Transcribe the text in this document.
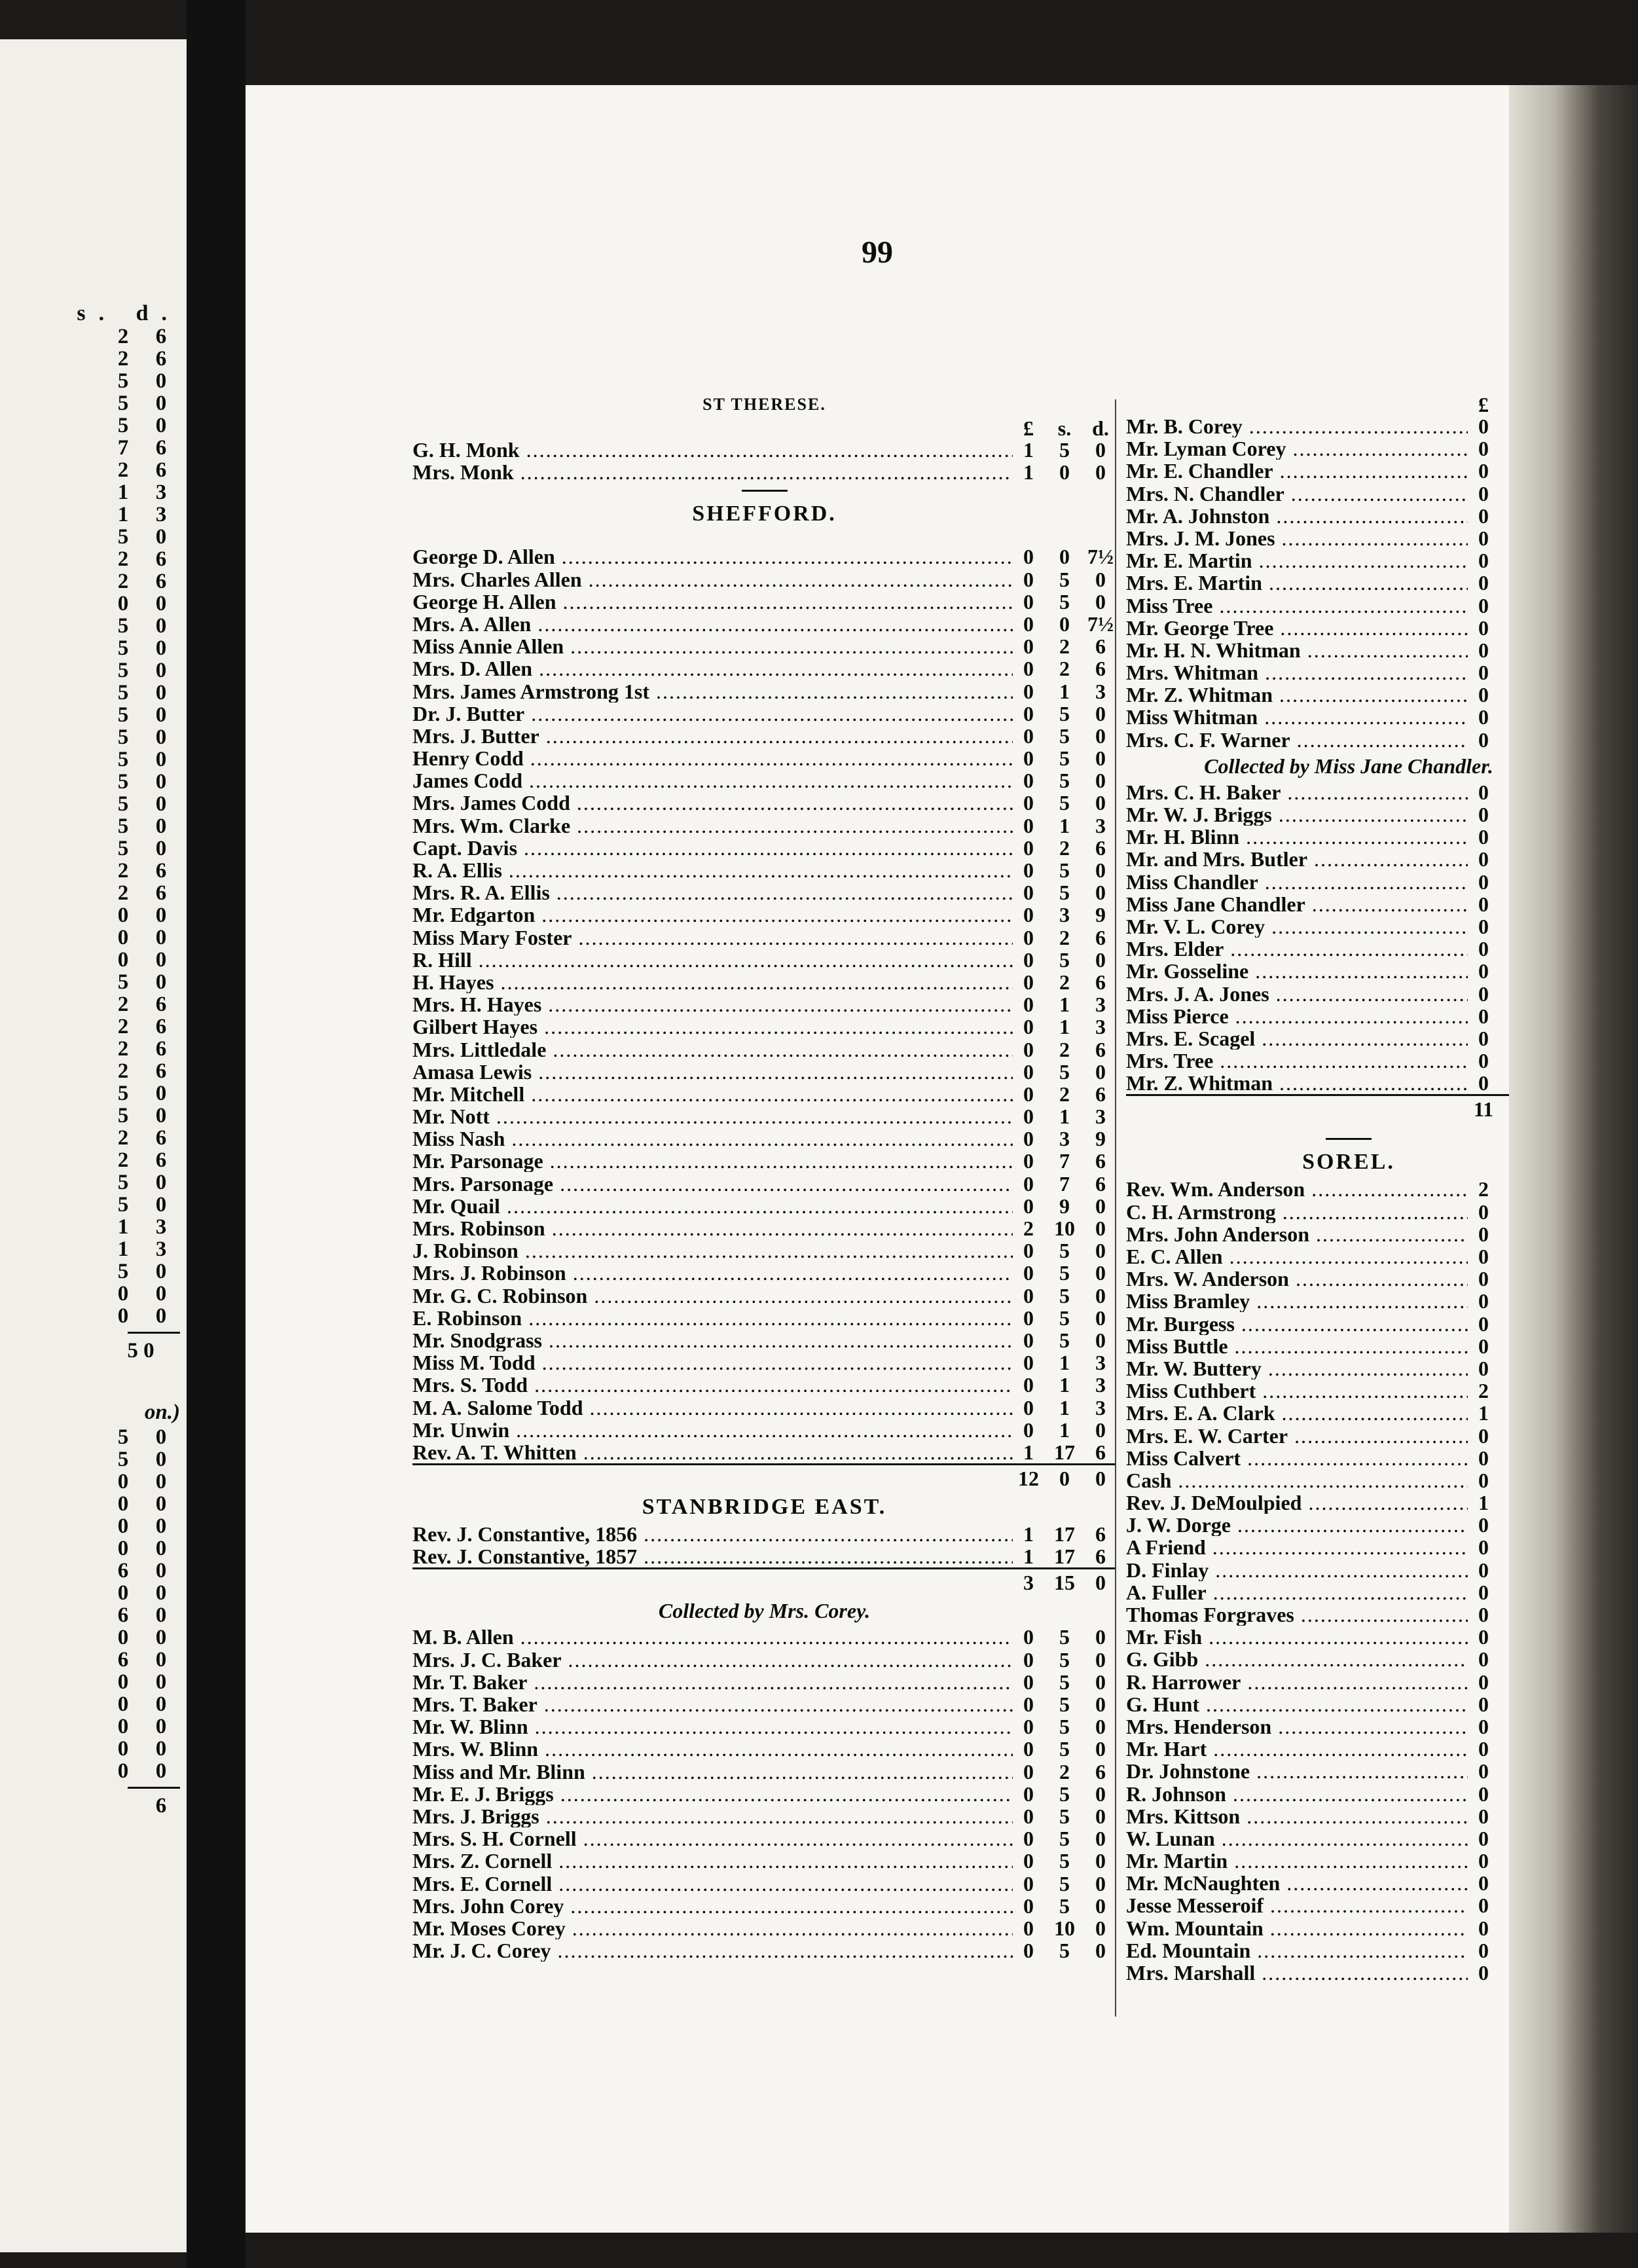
s. d.
2	6
2	6
5	0
5	0
5	0
7	6
2	6
1	3
1	3
5	0
2	6
2	6
0	0
5	0
5	0
5	0
5	0
5	0
5	0
5	0
5	0
5	0
5	0
5	0
2	6
2	6
0	0
0	0
0	0
5	0
2	6
2	6
2	6
2	6
5	0
5	0
2	6
2	6
5	0
5	0
1	3
1	3
5	0
0	0
0	0
5 0
on.)
5	0
5	0
0	0
0	0
0	0
0	0
6	0
0	0
6	0
0	0
6	0
0	0
0	0
0	0
0	0
0	0
6
99
ST THERESE.
£	s. d.
G. H. Monk .....	1	5	0
Mrs. Monk .....	1	0	0
SHEFFORD.
George D. Allen .....	0	0 7½
Mrs. Charles Allen .....	0	5	0
George H. Allen .....	0	5	0
Mrs. A. Allen .....	0	0 7½
Miss Annie Allen .....	0	2	6
Mrs. D. Allen .....	0	2	6
Mrs. James Armstrong 1st .....	0	1	3
Dr. J. Butter .....	0	5	0
Mrs. J. Butter .....	0	5	0
Henry Codd .....	0	5	0
James Codd .....	0	5	0
Mrs. James Codd .....	0	5	0
Mrs. Wm. Clarke .....	0	1	3
Capt. Davis .....	0	2	6
R. A. Ellis .....	0	5	0
Mrs. R. A. Ellis .....	0	5	0
Mr. Edgarton .....	0	3	9
Miss Mary Foster .....	0	2	6
R. Hill .....	0	5	0
H. Hayes .....	0	2	6
Mrs. H. Hayes .....	0	1	3
Gilbert Hayes .....	0	1	3
Mrs. Littledale .....	0	2	6
Amasa Lewis .....	0	5	0
Mr. Mitchell .....	0	2	6
Mr. Nott .....	0	1	3
Miss Nash .....	0	3	9
Mr. Parsonage .....	0	7	6
Mrs. Parsonage .....	0	7	6
Mr. Quail .....	0	9	0
Mrs. Robinson .....	2 10 0
J. Robinson .....	0	5	0
Mrs. J. Robinson .....	0	5	0
Mr. G. C. Robinson .....	0	5	0
E. Robinson .....	0	5	0
Mr. Snodgrass .....	0	5	0
Miss M. Todd .....	0	1	3
Mrs. S. Todd .....	0	1	3
M. A. Salome Todd .....	0	1	3
Mr. Unwin .....	0	1	0
Rev. A. T. Whitten .....	1 17 6
12 0	0
STANBRIDGE EAST.
Rev. J. Constantive, 1856 .....	1 17 6
Rev. J. Constantive, 1857 .....	1 17 6
3 15 0
Collected by Mrs. Corey.
M. B. Allen .....	0	5	0
Mrs. J. C. Baker .....	0	5	0
Mr. T. Baker .....	0	5	0
Mrs. T. Baker .....	0	5	0
Mr. W. Blinn .....	0	5	0
Mrs. W. Blinn .....	0	5	0
Miss and Mr. Blinn .....	0	2	6
Mr. E. J. Briggs .....	0	5	0
Mrs. J. Briggs .....	0	5	0
Mrs. S. H. Cornell .....	0	5	0
Mrs. Z. Cornell .....	0	5	0
Mrs. E. Cornell .....	0	5	0
Mrs. John Corey .....	0	5	0
Mr. Moses Corey .....	0 10 0
Mr. J. C. Corey .....	0	5	0
£
Mr. B. Corey .....	0
Mr. Lyman Corey .....	0
Mr. E. Chandler .....	0
Mrs. N. Chandler .....	0
Mr. A. Johnston .....	0
Mrs. J. M. Jones .....	0
Mr. E. Martin .....	0
Mrs. E. Martin .....	0
Miss Tree .....	0
Mr. George Tree .....	0
Mr. H. N. Whitman .....	0
Mrs. Whitman .....	0
Mr. Z. Whitman .....	0
Miss Whitman .....	0
Mrs. C. F. Warner .....	0
Collected by Miss Jane Chandler.
Mrs. C. H. Baker .....	0
Mr. W. J. Briggs .....	0
Mr. H. Blinn .....	0
Mr. and Mrs. Butler .....	0
Miss Chandler .....	0
Miss Jane Chandler .....	0
Mr. V. L. Corey .....	0
Mrs. Elder .....	0
Mr. Gosseline .....	0
Mrs. J. A. Jones .....	0
Miss Pierce .....	0
Mrs. E. Scagel .....	0
Mrs. Tree .....	0
Mr. Z. Whitman .....	0
11
SOREL.
Rev. Wm. Anderson .....	2
C. H. Armstrong .....	0
Mrs. John Anderson .....	0
E. C. Allen .....	0
Mrs. W. Anderson .....	0
Miss Bramley .....	0
Mr. Burgess .....	0
Miss Buttle .....	0
Mr. W. Buttery .....	0
Miss Cuthbert .....	2
Mrs. E. A. Clark .....	1
Mrs. E. W. Carter .....	0
Miss Calvert .....	0
Cash .....	0
Rev. J. DeMoulpied .....	1
J. W. Dorge .....	0
A Friend .....	0
D. Finlay .....	0
A. Fuller .....	0
Thomas Forgraves .....	0
Mr. Fish .....	0
G. Gibb .....	0
R. Harrower .....	0
G. Hunt .....	0
Mrs. Henderson .....	0
Mr. Hart .....	0
Dr. Johnstone .....	0
R. Johnson .....	0
Mrs. Kittson .....	0
W. Lunan .....	0
Mr. Martin .....	0
Mr. McNaughten .....	0
Jesse Messeroif .....	0
Wm. Mountain .....	0
Ed. Mountain .....	0
Mrs. Marshall .....	0
